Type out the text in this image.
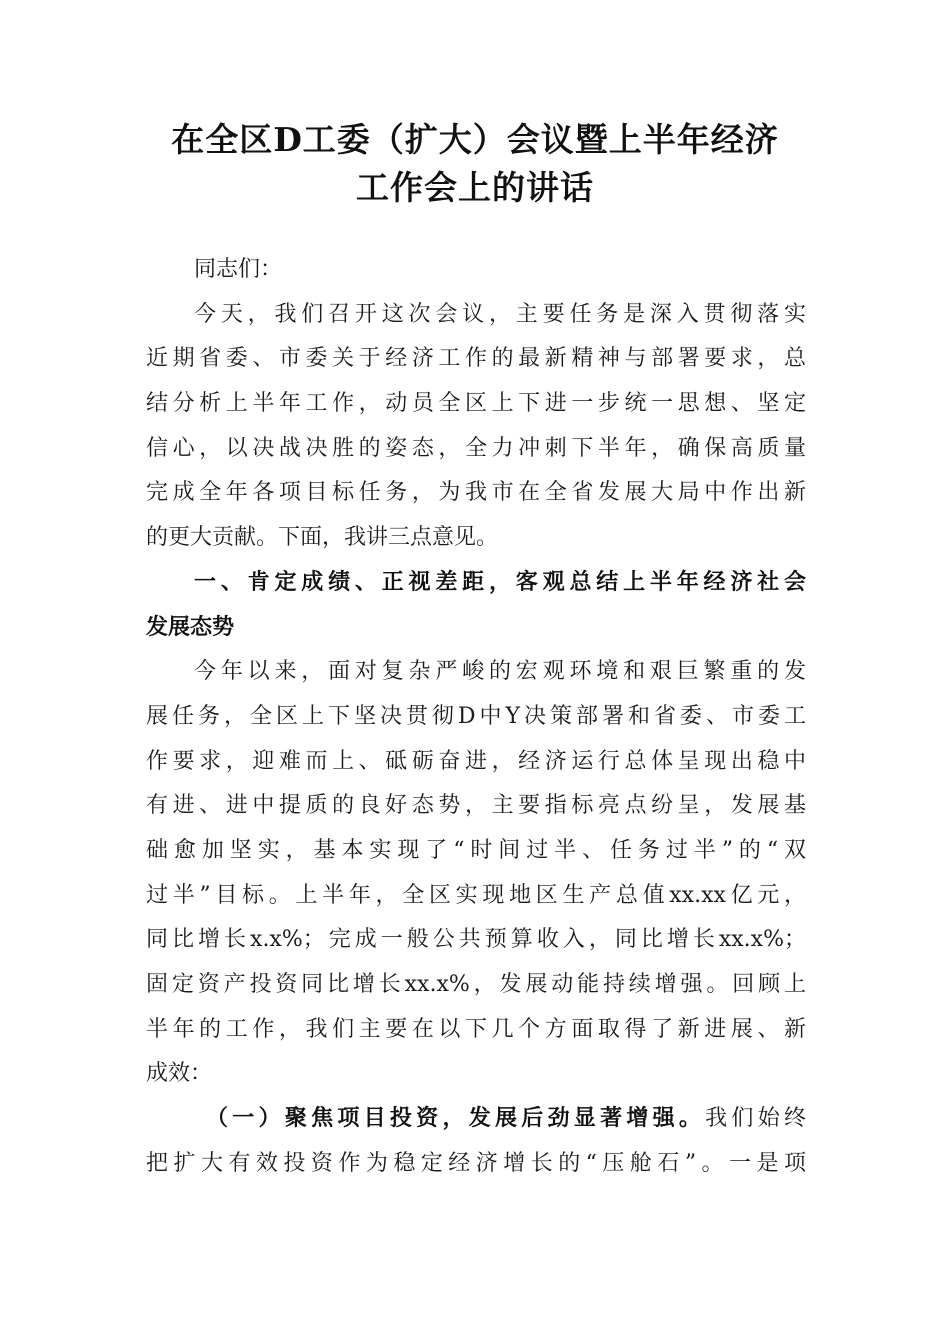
在全区D工委（扩大）会议暨上半年经济
工作会上的讲话
同志们：
今天，我们召开这次会议，主要任务是深入贯彻落实
近期省委、市委关于经济工作的最新精神与部署要求，总
结分析上半年工作，动员全区上下进一步统一思想、坚定
信心，以决战决胜的姿态，全力冲刺下半年，确保高质量
完成全年各项目标任务，为我市在全省发展大局中作出新
的更大贡献。下面，我讲三点意见。
一、肯定成绩、正视差距，客观总结上半年经济社会
发展态势
今年以来，面对复杂严峻的宏观环境和艰巨繁重的发
展任务，全区上下坚决贯彻D中Y决策部署和省委、市委工
作要求，迎难而上、砥砺奋进，经济运行总体呈现出稳中
有进、进中提质的良好态势，主要指标亮点纷呈，发展基
础愈加坚实，基本实现了“时间过半、任务过半”的“双
过半”目标。上半年，全区实现地区生产总值xx.xx亿元，
同比增长x.x%；完成一般公共预算收入，同比增长xx.x%；
固定资产投资同比增长xx.x%，发展动能持续增强。回顾上
半年的工作，我们主要在以下几个方面取得了新进展、新
成效：
（一）聚焦项目投资，发展后劲显著增强。我们始终
把扩大有效投资作为稳定经济增长的“压舱石”。一是项
